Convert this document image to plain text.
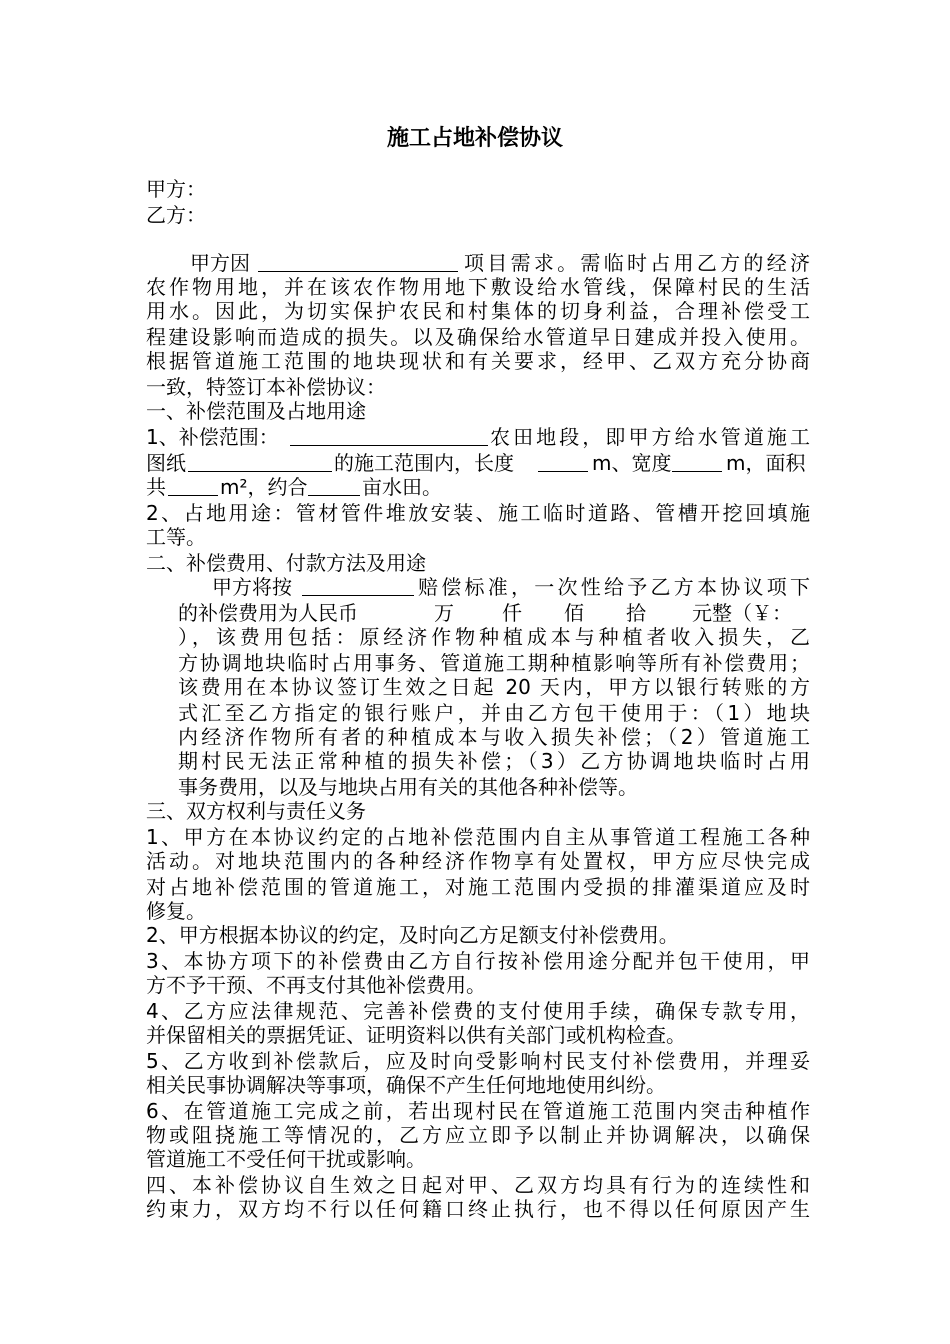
施工占地补偿协议
甲方：
乙方：
甲方因	项目需求。需临时占用乙方的经济
农作物用地，并在该农作物用地下敷设给水管线，保障村民的生活
用水。因此，为切实保护农民和村集体的切身利益，合理补偿受工
程建设影响而造成的损失。以及确保给水管道早日建成并投入使用。
根据管道施工范围的地块现状和有关要求，经甲、乙双方充分协商
一致，特签订本补偿协议：
一、补偿范围及占地用途
1、补偿范围：	农田地段，即甲方给水管道施工
图纸	的施工范围内，长度	m、宽度	m，面积
共	m²，约合	亩水田。
2、占地用途：管材管件堆放安装、施工临时道路、管槽开挖回填施
工等。
二、补偿费用、付款方法及用途
甲方将按	赔偿标准，一次性给予乙方本协议项下
的补偿费用为人民币	万 仟 佰 拾 元整（￥：
），该费用包括：原经济作物种植成本与种植者收入损失，乙
方协调地块临时占用事务、管道施工期种植影响等所有补偿费用；
该费用在本协议签订生效之日起 20 天内，甲方以银行转账的方
式汇至乙方指定的银行账户，并由乙方包干使用于：（1）地块
内经济作物所有者的种植成本与收入损失补偿；（2）管道施工
期村民无法正常种植的损失补偿；（3）乙方协调地块临时占用
事务费用，以及与地块占用有关的其他各种补偿等。
三、双方权利与责任义务
1、甲方在本协议约定的占地补偿范围内自主从事管道工程施工各种
活动。对地块范围内的各种经济作物享有处置权，甲方应尽快完成
对占地补偿范围的管道施工，对施工范围内受损的排灌渠道应及时
修复。
2、甲方根据本协议的约定，及时向乙方足额支付补偿费用。
3、本协方项下的补偿费由乙方自行按补偿用途分配并包干使用，甲
方不予干预、不再支付其他补偿费用。
4、乙方应法律规范、完善补偿费的支付使用手续，确保专款专用，
并保留相关的票据凭证、证明资料以供有关部门或机构检查。
5、乙方收到补偿款后，应及时向受影响村民支付补偿费用，并理妥
相关民事协调解决等事项，确保不产生任何地地使用纠纷。
6、在管道施工完成之前，若出现村民在管道施工范围内突击种植作
物或阻挠施工等情况的，乙方应立即予以制止并协调解决，以确保
管道施工不受任何干扰或影响。
四、本补偿协议自生效之日起对甲、乙双方均具有行为的连续性和
约束力，双方均不行以任何籍口终止执行，也不得以任何原因产生
